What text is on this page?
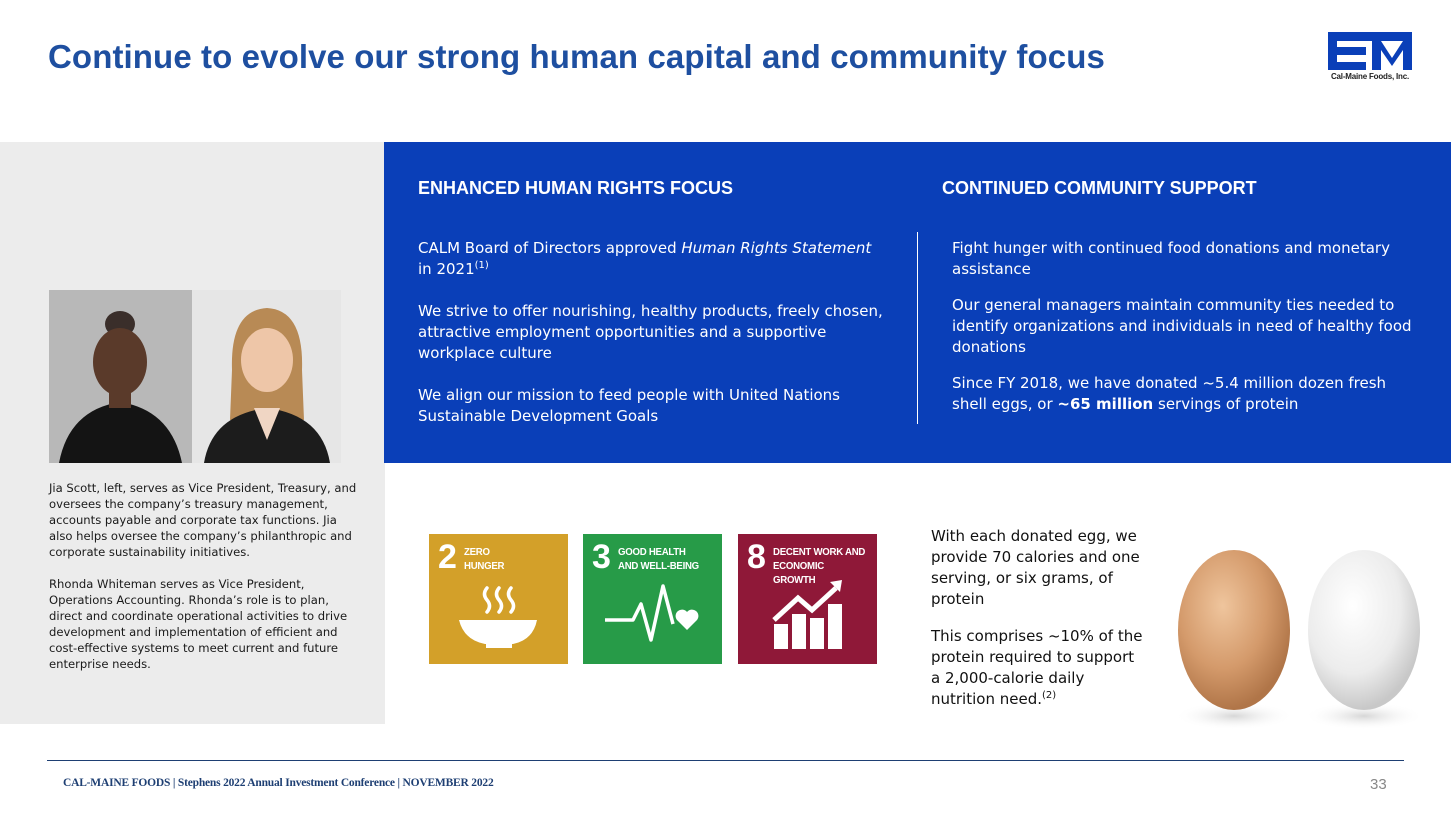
Continue to evolve our strong human capital and community focus
Cal-Maine Foods, Inc.

Jia Scott, left, serves as Vice President, Treasury, and oversees the company’s treasury management, accounts payable and corporate tax functions. Jia also helps oversee the company’s philanthropic and corporate sustainability initiatives.

Rhonda Whiteman serves as Vice President, Operations Accounting. Rhonda’s role is to plan, direct and coordinate operational activities to drive development and implementation of efficient and cost-effective systems to meet current and future enterprise needs.

ENHANCED HUMAN RIGHTS FOCUS	CONTINUED COMMUNITY SUPPORT

CALM Board of Directors approved Human Rights Statement in 2021$^{(1)}$

We strive to offer nourishing, healthy products, freely chosen, attractive employment opportunities and a supportive workplace culture

We align our mission to feed people with United Nations Sustainable Development Goals

Fight hunger with continued food donations and monetary assistance

Our general managers maintain community ties needed to identify organizations and individuals in need of healthy food donations

Since FY 2018, we have donated ~5.4 million dozen fresh shell eggs, or ~65 million servings of protein

2 ZERO
HUNGER	3 GOOD HEALTH
AND WELL-BEING	8 DECENT WORK AND
ECONOMIC GROWTH

With each donated egg, we provide 70 calories and one serving, or six grams, of protein

This comprises ~10% of the protein required to support a 2,000-calorie daily nutrition need.$^{(2)}$

CAL-MAINE FOODS | Stephens 2022 Annual Investment Conference | NOVEMBER 2022	33
